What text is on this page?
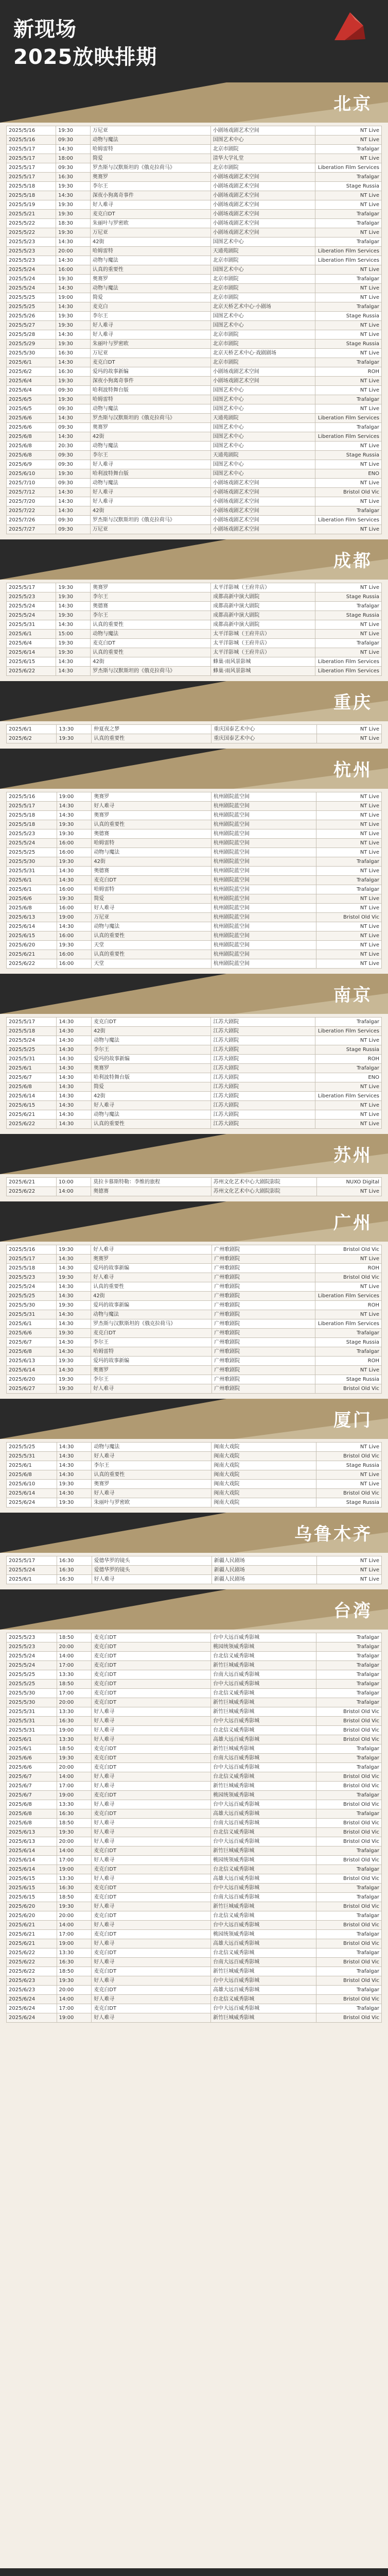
新现场
2025放映排期
北京
2025/5/16	19:30	万尼亚	小剧场戏剧艺术空间	NT Live
2025/5/16	09:30	动物与魔法	国图艺术中心	NT Live
2025/5/17	14:30	哈姆雷特	北京市剧院	Trafalgar
2025/5/17	18:00	简爱	清华大学礼堂	NT Live
2025/5/17	09:30	罗杰斯与汉默斯坦的《俄克拉荷马》	北京市剧院	Liberation Film Services
2025/5/17	16:30	奥赛罗	小剧场戏剧艺术空间	Trafalgar
2025/5/18	19:30	李尔王	小剧场戏剧艺术空间	Stage Russia
2025/5/18	14:30	深夜小狗离奇事件	小剧场戏剧艺术空间	NT Live
2025/5/19	19:30	好人难寻	小剧场戏剧艺术空间	NT Live
2025/5/21	19:30	麦克白DT	小剧场戏剧艺术空间	Trafalgar
2025/5/22	18:30	朱丽叶与罗密欧	小剧场戏剧艺术空间	Trafalgar
2025/5/22	19:30	万尼亚	小剧场戏剧艺术空间	NT Live
2025/5/23	14:30	42街	国图艺术中心	Trafalgar
2025/5/23	20:00	哈姆雷特	天通苑剧院	Liberation Film Services
2025/5/23	14:30	动物与魔法	北京市剧院	Liberation Film Services
2025/5/24	16:00	认真的重要性	国图艺术中心	NT Live
2025/5/24	19:30	奥赛罗	北京市剧院	Trafalgar
2025/5/24	14:30	动物与魔法	北京市剧院	NT Live
2025/5/25	19:00	简爱	北京市剧院	NT Live
2025/5/25	14:30	麦克白	北京天桥艺术中心·小剧场	Trafalgar
2025/5/26	19:30	李尔王	国图艺术中心	Stage Russia
2025/5/27	19:30	好人难寻	国图艺术中心	NT Live
2025/5/28	14:30	好人难寻	北京市剧院	NT Live
2025/5/29	19:30	朱丽叶与罗密欧	北京市剧院	Stage Russia
2025/5/30	16:30	万尼亚	北京天桥艺术中心·戏剧剧场	NT Live
2025/6/1	14:30	麦克白DT	北京市剧院	Trafalgar
2025/6/2	16:30	爱玛的故事新编	小剧场戏剧艺术空间	ROH
2025/6/4	19:30	深夜小狗离奇事件	小剧场戏剧艺术空间	NT Live
2025/6/4	09:30	哈利波特舞台版	国图艺术中心	NT Live
2025/6/5	19:30	哈姆雷特	国图艺术中心	Trafalgar
2025/6/5	09:30	动物与魔法	国图艺术中心	NT Live
2025/6/6	14:30	罗杰斯与汉默斯坦的《俄克拉荷马》	天通苑剧院	Liberation Film Services
2025/6/6	09:30	奥赛罗	国图艺术中心	Trafalgar
2025/6/8	14:30	42街	国图艺术中心	Liberation Film Services
2025/6/8	20:30	动物与魔法	国图艺术中心	NT Live
2025/6/8	09:30	李尔王	天通苑剧院	Stage Russia
2025/6/9	09:30	好人难寻	国图艺术中心	NT Live
2025/6/10	19:30	哈利波特舞台版	国图艺术中心	ENO
2025/7/10	09:30	动物与魔法	小剧场戏剧艺术空间	NT Live
2025/7/12	14:30	好人难寻	小剧场戏剧艺术空间	Bristol Old Vic
2025/7/20	14:30	好人难寻	小剧场戏剧艺术空间	NT Live
2025/7/22	14:30	42街	小剧场戏剧艺术空间	Trafalgar
2025/7/26	09:30	罗杰斯与汉默斯坦的《俄克拉荷马》	小剧场戏剧艺术空间	Liberation Film Services
2025/7/27	09:30	万尼亚	小剧场戏剧艺术空间	NT Live
成都
2025/5/17	19:30	奥赛罗	太平洋影城（王府井店）	NT Live
2025/5/23	19:30	李尔王	成都高新中演大剧院	Stage Russia
2025/5/24	14:30	奥德赛	成都高新中演大剧院	Trafalgar
2025/5/24	19:30	李尔王	成都高新中演大剧院	Stage Russia
2025/5/31	14:30	认真的重要性	成都高新中演大剧院	NT Live
2025/6/1	15:00	动物与魔法	太平洋影城（王府井店）	NT Live
2025/6/4	19:30	麦克白DT	太平洋影城（王府井店）	Trafalgar
2025/6/14	19:30	认真的重要性	太平洋影城（王府井店）	NT Live
2025/6/15	14:30	42街	蜂巢·雨风景影城	Liberation Film Services
2025/6/22	14:30	罗杰斯与汉默斯坦的《俄克拉荷马》	蜂巢·雨风景影城	Liberation Film Services
重庆
2025/6/1	13:30	仲夏夜之梦	重庆国泰艺术中心	NT Live
2025/6/2	19:30	认真的重要性	重庆国泰艺术中心	NT Live
杭州
2025/5/16	19:00	奥赛罗	杭州剧院蓝空间	NT Live
2025/5/17	14:30	好人难寻	杭州剧院蓝空间	NT Live
2025/5/18	14:30	奥赛罗	杭州剧院蓝空间	NT Live
2025/5/18	19:30	认真的重要性	杭州剧院蓝空间	NT Live
2025/5/23	19:30	奥德赛	杭州剧院蓝空间	NT Live
2025/5/24	16:00	哈姆雷特	杭州剧院蓝空间	NT Live
2025/5/25	16:00	动物与魔法	杭州剧院蓝空间	NT Live
2025/5/30	19:30	42街	杭州剧院蓝空间	Trafalgar
2025/5/31	14:30	奥德赛	杭州剧院蓝空间	NT Live
2025/6/1	14:30	麦克白DT	杭州剧院蓝空间	Trafalgar
2025/6/1	16:00	哈姆雷特	杭州剧院蓝空间	Trafalgar
2025/6/6	19:30	简爱	杭州剧院蓝空间	NT Live
2025/6/8	16:00	好人难寻	杭州剧院蓝空间	NT Live
2025/6/13	19:00	万尼亚	杭州剧院蓝空间	Bristol Old Vic
2025/6/14	14:30	动物与魔法	杭州剧院蓝空间	NT Live
2025/6/15	16:00	认真的重要性	杭州剧院蓝空间	NT Live
2025/6/20	19:30	天堂	杭州剧院蓝空间	NT Live
2025/6/21	16:00	认真的重要性	杭州剧院蓝空间	NT Live
2025/6/22	16:00	天堂	杭州剧院蓝空间	NT Live
南京
2025/5/17	14:30	麦克白DT	江苏大剧院	Trafalgar
2025/5/18	14:30	42街	江苏大剧院	Liberation Film Services
2025/5/24	14:30	动物与魔法	江苏大剧院	NT Live
2025/5/25	14:30	李尔王	江苏大剧院	Stage Russia
2025/5/31	14:30	爱玛的故事新编	江苏大剧院	ROH
2025/6/1	14:30	奥赛罗	江苏大剧院	Trafalgar
2025/6/7	14:30	哈利波特舞台版	江苏大剧院	ENO
2025/6/8	14:30	简爱	江苏大剧院	NT Live
2025/6/14	14:30	42街	江苏大剧院	Liberation Film Services
2025/6/15	14:30	好人难寻	江苏大剧院	NT Live
2025/6/21	14:30	动物与魔法	江苏大剧院	NT Live
2025/6/22	14:30	认真的重要性	江苏大剧院	NT Live
苏州
2025/6/21	10:00	莫拉卡慕斯特勒：李维的旅程	苏州文化艺术中心大剧院影院	NUXO Digital
2025/6/22	14:00	奥德赛	苏州文化艺术中心大剧院影院	NT Live
广州
2025/5/16	19:30	好人难寻	广州歌剧院	Bristol Old Vic
2025/5/17	14:30	奥赛罗	广州歌剧院	NT Live
2025/5/18	14:30	爱玛的故事新编	广州歌剧院	ROH
2025/5/23	19:30	好人难寻	广州歌剧院	Bristol Old Vic
2025/5/24	14:30	认真的重要性	广州歌剧院	NT Live
2025/5/25	14:30	42街	广州歌剧院	Liberation Film Services
2025/5/30	19:30	爱玛的故事新编	广州歌剧院	ROH
2025/5/31	14:30	动物与魔法	广州歌剧院	NT Live
2025/6/1	14:30	罗杰斯与汉默斯坦的《俄克拉荷马》	广州歌剧院	Liberation Film Services
2025/6/6	19:30	麦克白DT	广州歌剧院	Trafalgar
2025/6/7	14:30	李尔王	广州歌剧院	Stage Russia
2025/6/8	14:30	哈姆雷特	广州歌剧院	Trafalgar
2025/6/13	19:30	爱玛的故事新编	广州歌剧院	ROH
2025/6/14	14:30	奥赛罗	广州歌剧院	NT Live
2025/6/20	19:30	李尔王	广州歌剧院	Stage Russia
2025/6/27	19:30	好人难寻	广州歌剧院	Bristol Old Vic
厦门
2025/5/25	14:30	动物与魔法	闽南大戏院	NT Live
2025/5/31	14:30	好人难寻	闽南大戏院	Bristol Old Vic
2025/6/1	14:30	李尔王	闽南大戏院	Stage Russia
2025/6/8	14:30	认真的重要性	闽南大戏院	NT Live
2025/6/10	19:30	奥赛罗	闽南大戏院	NT Live
2025/6/14	14:30	好人难寻	闽南大戏院	Bristol Old Vic
2025/6/24	19:30	朱丽叶与罗密欧	闽南大戏院	Stage Russia
乌鲁木齐
2025/5/17	16:30	爱德华罗的镜头	新疆人民剧场	NT Live
2025/5/24	16:30	爱德华罗的镜头	新疆人民剧场	NT Live
2025/6/1	16:30	好人难寻	新疆人民剧场	NT Live
台湾
2025/5/23	18:50	麦克白DT	台中大远百威秀影城	Trafalgar
2025/5/23	20:00	麦克白DT	桃园统领威秀影城	Trafalgar
2025/5/24	14:00	麦克白DT	台北信义威秀影城	Trafalgar
2025/5/24	17:00	麦克白DT	新竹巨城威秀影城	Trafalgar
2025/5/25	13:30	麦克白DT	台南大远百威秀影城	Trafalgar
2025/5/25	18:50	麦克白DT	台中大远百威秀影城	Trafalgar
2025/5/30	17:00	麦克白DT	台北信义威秀影城	Trafalgar
2025/5/30	20:00	麦克白DT	新竹巨城威秀影城	Trafalgar
2025/5/31	13:30	好人难寻	新竹巨城威秀影城	Bristol Old Vic
2025/5/31	16:30	好人难寻	台中大远百威秀影城	Bristol Old Vic
2025/5/31	19:00	好人难寻	台北信义威秀影城	Bristol Old Vic
2025/6/1	13:30	好人难寻	高雄大远百威秀影城	Bristol Old Vic
2025/6/1	18:50	麦克白DT	新竹巨城威秀影城	Trafalgar
2025/6/6	19:30	麦克白DT	台南大远百威秀影城	Trafalgar
2025/6/6	20:00	麦克白DT	台中大远百威秀影城	Trafalgar
2025/6/7	14:00	好人难寻	台北信义威秀影城	Bristol Old Vic
2025/6/7	17:00	好人难寻	新竹巨城威秀影城	Bristol Old Vic
2025/6/7	19:00	麦克白DT	桃园统领威秀影城	Trafalgar
2025/6/8	13:30	好人难寻	台中大远百威秀影城	Bristol Old Vic
2025/6/8	16:30	麦克白DT	高雄大远百威秀影城	Trafalgar
2025/6/8	18:50	好人难寻	台南大远百威秀影城	Bristol Old Vic
2025/6/13	19:30	好人难寻	台北信义威秀影城	Bristol Old Vic
2025/6/13	20:00	好人难寻	台中大远百威秀影城	Bristol Old Vic
2025/6/14	14:00	麦克白DT	新竹巨城威秀影城	Trafalgar
2025/6/14	17:00	好人难寻	桃园统领威秀影城	Bristol Old Vic
2025/6/14	19:00	麦克白DT	台北信义威秀影城	Trafalgar
2025/6/15	13:30	好人难寻	高雄大远百威秀影城	Bristol Old Vic
2025/6/15	16:30	麦克白DT	台中大远百威秀影城	Trafalgar
2025/6/15	18:50	麦克白DT	台南大远百威秀影城	Trafalgar
2025/6/20	19:30	好人难寻	新竹巨城威秀影城	Bristol Old Vic
2025/6/20	20:00	麦克白DT	台北信义威秀影城	Trafalgar
2025/6/21	14:00	好人难寻	台中大远百威秀影城	Bristol Old Vic
2025/6/21	17:00	麦克白DT	桃园统领威秀影城	Trafalgar
2025/6/21	19:00	好人难寻	高雄大远百威秀影城	Bristol Old Vic
2025/6/22	13:30	麦克白DT	台北信义威秀影城	Trafalgar
2025/6/22	16:30	好人难寻	台南大远百威秀影城	Bristol Old Vic
2025/6/22	18:50	麦克白DT	新竹巨城威秀影城	Trafalgar
2025/6/23	19:30	好人难寻	台中大远百威秀影城	Bristol Old Vic
2025/6/23	20:00	麦克白DT	高雄大远百威秀影城	Trafalgar
2025/6/24	14:00	好人难寻	台北信义威秀影城	Bristol Old Vic
2025/6/24	17:00	麦克白DT	台中大远百威秀影城	Trafalgar
2025/6/24	19:00	好人难寻	新竹巨城威秀影城	Bristol Old Vic
